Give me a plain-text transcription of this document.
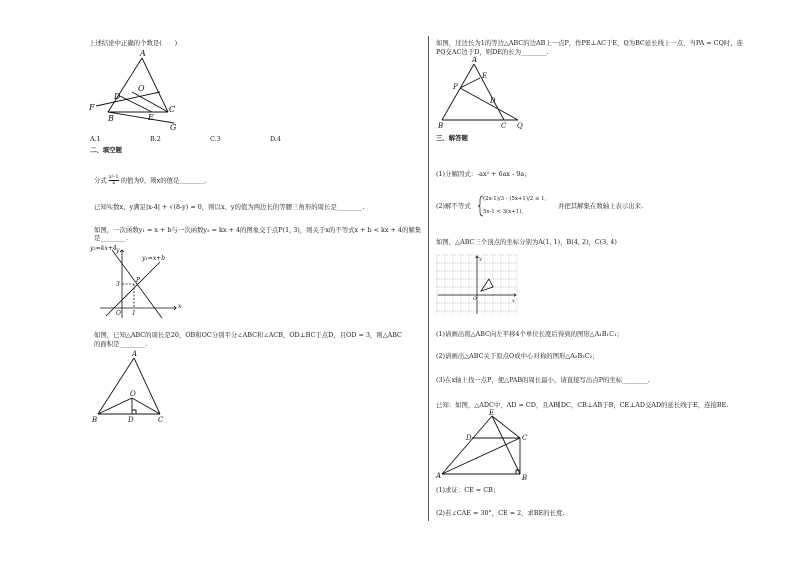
上述结论中正确的个数是(　　)
A
O
D
F
B	E
C
G
A.1	B.2	C.3	D.4
二、填空题
分式 $\frac{\text{x²-1}}{x}$ 的值为0，则x的值是________.
已知实数x、y满足|x-4| + √(8-y) = 0，则以x、y的值为两边长的等腰三角形的周长是________.
如图，一次函数y₁ = x + b与一次函数y₂ = kx + 4的图象交于点P(1, 3)，则关于x的不等式x + b < kx + 4的解集
是________.
y₂=kx+4
y₁=x+b
y
x
P
3
O 1
如图，已知△ABC的周长是20，OB和OC分别平分∠ABC和∠ACB，OD⊥BC于点D，且OD = 3，则△ABC
的面积是________.
A
O
B	D	C
如图，过边长为1的等边△ABC的边AB上一点P，作PE⊥AC于E，Q为BC延长线上一点，当PA = CQ时，连
PQ交AC边于D，则DE的长为________.
A
E
P
D
B	C Q
三、解答题
(1)分解因式：-ax² + 6ax - 9a；
(2)解不等式
(2x-1)/3 - (5x+1)/2 ≤ 1,
5x-1 < 3(x+1),
并把其解集在数轴上表示出来.
如图，△ABC三个顶点的坐标分别为A(1, 1)，B(4, 2)，C(3, 4)
y
x
O
(1)请画出将△ABC向左平移4个单位长度后得到的图形△A₁B₁C₁；
(2)请画出△ABC关于原点O成中心对称的图形△A₂B₂C₂；
(3)在x轴上找一点P，使△PAB的周长最小，请直接写出点P的坐标________.
已知：如图，△ADC中，AD = CD，且AB∥DC，CB⊥AB于B，CE⊥AD交AD的延长线于E，连接BE.
E
D	C
A	B
(1)求证：CE = CB；
(2)若∠CAE = 30°，CE = 2，求BE的长度.
